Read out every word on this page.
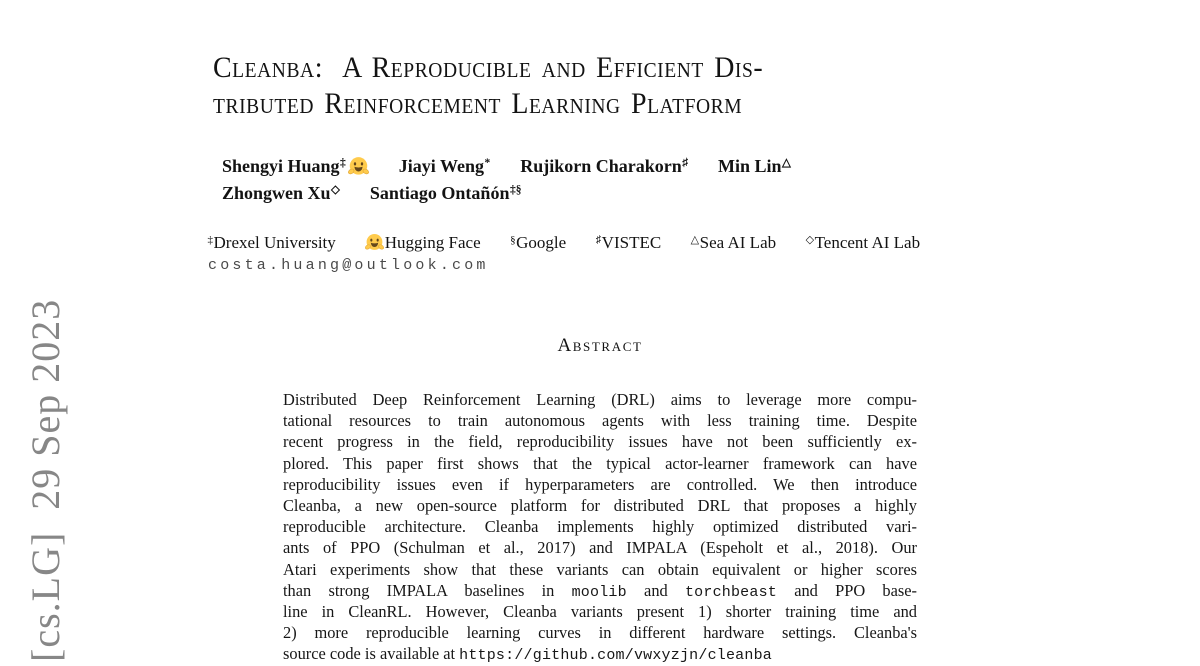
[cs.LG]  29 Sep 2023
Cleanba:  A Reproducible and Efficient Dis-
tributed Reinforcement Learning Platform
Shengyi Huang‡	Jiayi Weng* Rujikorn Charakorn♯ Min Lin△
Zhongwen Xu◇ Santiago Ontañón‡§
‡Drexel University	Hugging Face	§Google	♯VISTEC	△Sea AI Lab	◇Tencent AI Lab
costa.huang@outlook.com
Abstract
Distributed Deep Reinforcement Learning (DRL) aims to leverage more compu-
tational resources to train autonomous agents with less training time. Despite
recent progress in the field, reproducibility issues have not been sufficiently ex-
plored. This paper first shows that the typical actor-learner framework can have
reproducibility issues even if hyperparameters are controlled. We then introduce
Cleanba, a new open-source platform for distributed DRL that proposes a highly
reproducible architecture. Cleanba implements highly optimized distributed vari-
ants of PPO (Schulman et al., 2017) and IMPALA (Espeholt et al., 2018). Our
Atari experiments show that these variants can obtain equivalent or higher scores
than strong IMPALA baselines in moolib and torchbeast and PPO base-
line in CleanRL. However, Cleanba variants present 1) shorter training time and
2) more reproducible learning curves in different hardware settings. Cleanba's
source code is available at https://github.com/vwxyzjn/cleanba
